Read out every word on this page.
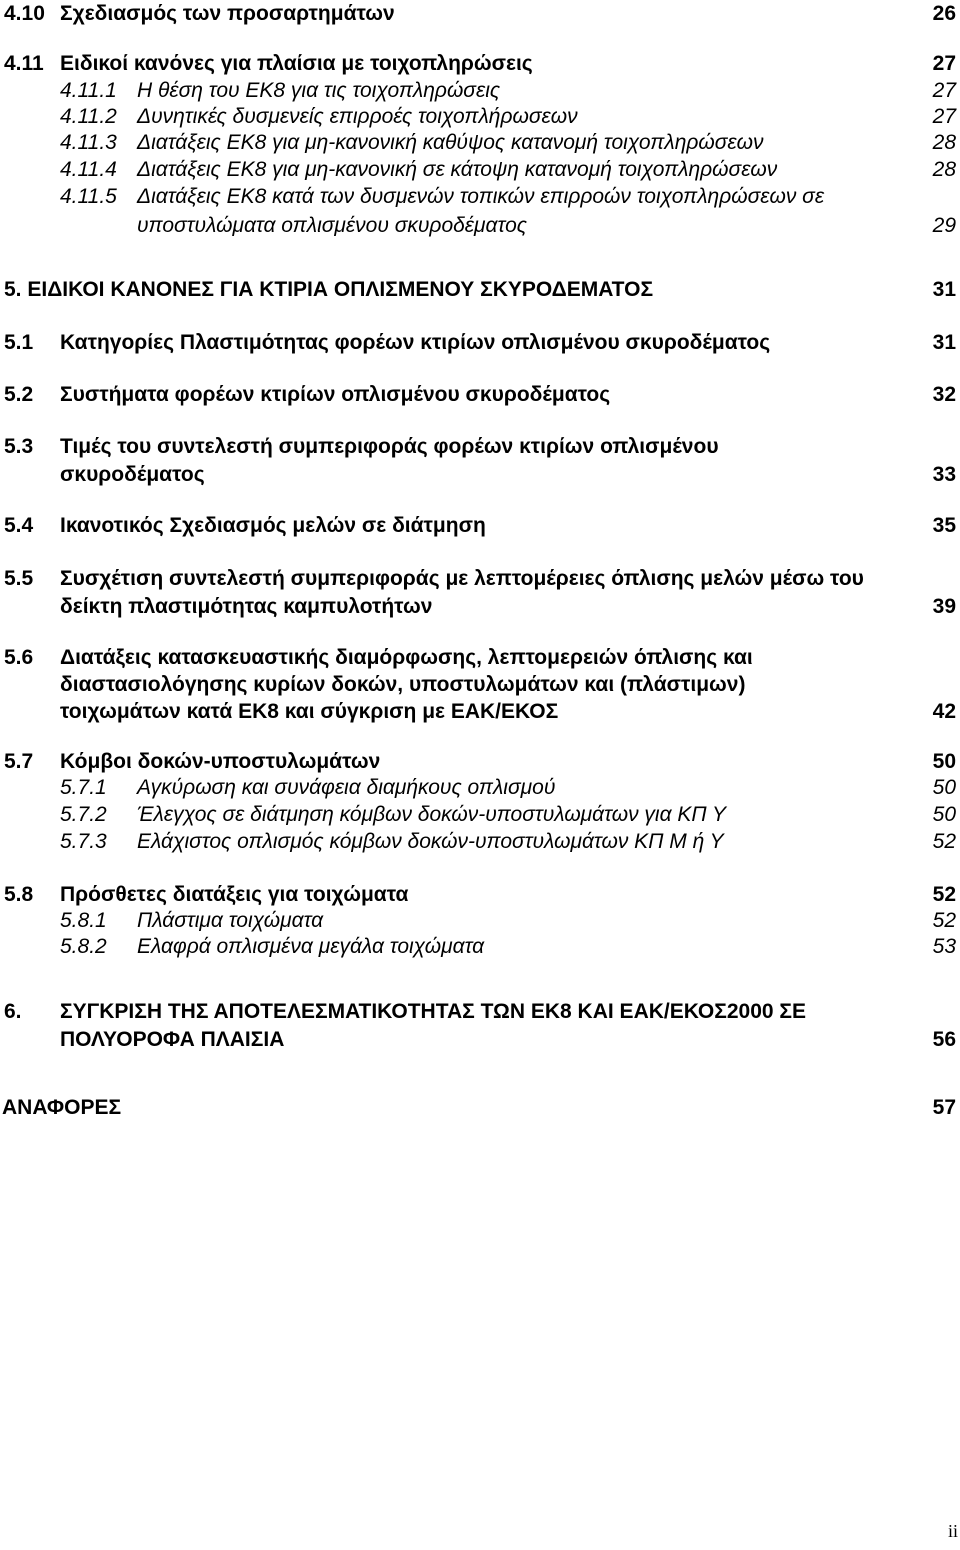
4.10 Σχεδιασμός των προσαρτημάτων	26
4.11 Ειδικοί κανόνες για πλαίσια με τοιχοπληρώσεις	27
4.11.1 Η θέση του ΕΚ8 για τις τοιχοπληρώσεις	27
4.11.2 Δυνητικές δυσμενείς επιρροές τοιχοπλήρωσεων	27
4.11.3 Διατάξεις ΕΚ8 για μη-κανονική καθύψος κατανομή τοιχοπληρώσεων	28
4.11.4 Διατάξεις ΕΚ8 για μη-κανονική σε κάτοψη κατανομή τοιχοπληρώσεων	28
4.11.5 Διατάξεις ΕΚ8 κατά των δυσμενών τοπικών επιρροών τοιχοπληρώσεων σε
υποστυλώματα οπλισμένου σκυροδέματος	29
5. ΕΙΔΙΚΟΙ ΚΑΝΟΝΕΣ ΓΙΑ ΚΤΙΡΙΑ ΟΠΛΙΣΜΕΝΟΥ ΣΚΥΡΟΔΕΜΑΤΟΣ	31
5.1 Κατηγορίες Πλαστιμότητας φορέων κτιρίων οπλισμένου σκυροδέματος	31
5.2 Συστήματα φορέων κτιρίων οπλισμένου σκυροδέματος	32
5.3 Τιμές του συντελεστή συμπεριφοράς φορέων κτιρίων οπλισμένου
σκυροδέματος	33
5.4 Ικανοτικός Σχεδιασμός μελών σε διάτμηση	35
5.5 Συσχέτιση συντελεστή συμπεριφοράς με λεπτομέρειες όπλισης μελών μέσω του
δείκτη πλαστιμότητας καμπυλοτήτων	39
5.6 Διατάξεις κατασκευαστικής διαμόρφωσης, λεπτομερειών όπλισης και
διαστασιολόγησης κυρίων δοκών, υποστυλωμάτων και (πλάστιμων)
τοιχωμάτων κατά ΕΚ8 και σύγκριση με ΕΑΚ/ΕΚΟΣ	42
5.7 Κόμβοι δοκών-υποστυλωμάτων	50
5.7.1 Αγκύρωση και συνάφεια διαμήκους οπλισμού	50
5.7.2 Έλεγχος σε διάτμηση κόμβων δοκών-υποστυλωμάτων για ΚΠ Υ	50
5.7.3 Ελάχιστος οπλισμός κόμβων δοκών-υποστυλωμάτων ΚΠ Μ ή Υ	52
5.8 Πρόσθετες διατάξεις για τοιχώματα	52
5.8.1 Πλάστιμα τοιχώματα	52
5.8.2 Ελαφρά οπλισμένα μεγάλα τοιχώματα	53
6. ΣΥΓΚΡΙΣΗ ΤΗΣ ΑΠΟΤΕΛΕΣΜΑΤΙΚΟΤΗΤΑΣ ΤΩΝ ΕΚ8 ΚΑΙ ΕΑΚ/ΕΚΟΣ2000 ΣΕ
ΠΟΛΥΟΡΟΦΑ ΠΛΑΙΣΙΑ	56
ΑΝΑΦΟΡΕΣ	57
ii
